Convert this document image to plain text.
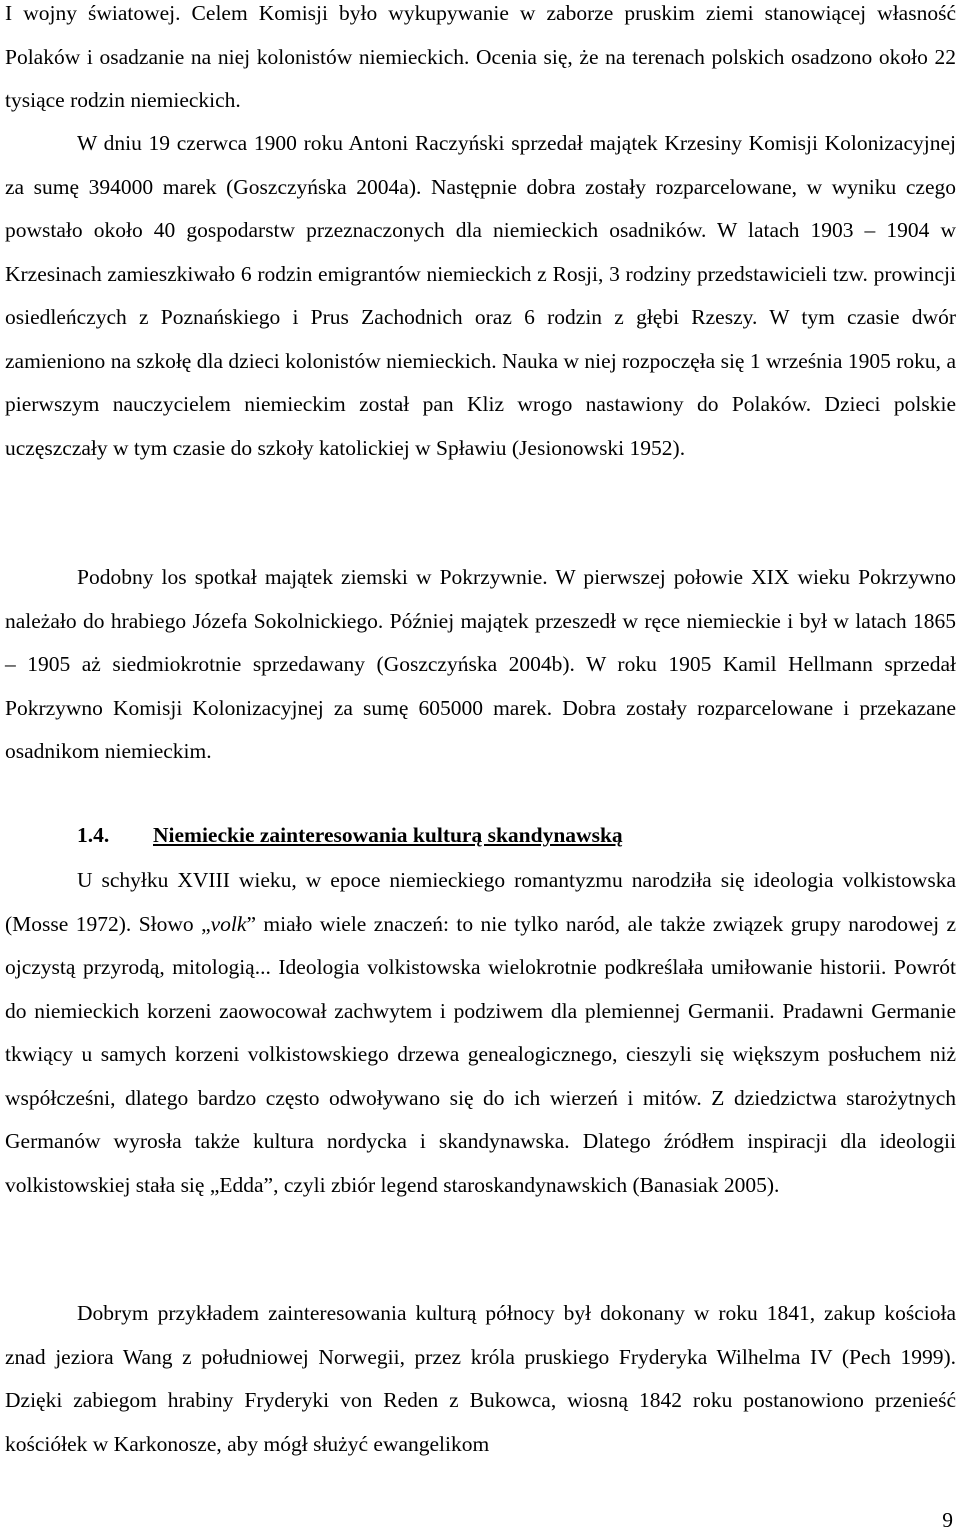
I wojny światowej. Celem Komisji było wykupywanie w zaborze pruskim ziemi stanowiącej własność Polaków i osadzanie na niej kolonistów niemieckich. Ocenia się, że na terenach polskich osadzono około 22 tysiące rodzin niemieckich.

W dniu 19 czerwca 1900 roku Antoni Raczyński sprzedał majątek Krzesiny Komisji Kolonizacyjnej za sumę 394000 marek (Goszczyńska 2004a). Następnie dobra zostały rozparcelowane, w wyniku czego powstało około 40 gospodarstw przeznaczonych dla niemieckich osadników. W latach 1903 – 1904 w Krzesinach zamieszkiwało 6 rodzin emigrantów niemieckich z Rosji, 3 rodziny przedstawicieli tzw. prowincji osiedleńczych z Poznańskiego i Prus Zachodnich oraz 6 rodzin z głębi Rzeszy. W tym czasie dwór zamieniono na szkołę dla dzieci kolonistów niemieckich. Nauka w niej rozpoczęła się 1 września 1905 roku, a pierwszym nauczycielem niemieckim został pan Kliz wrogo nastawiony do Polaków. Dzieci polskie uczęszczały w tym czasie do szkoły katolickiej w Spławiu (Jesionowski 1952).

Podobny los spotkał majątek ziemski w Pokrzywnie. W pierwszej połowie XIX wieku Pokrzywno należało do hrabiego Józefa Sokolnickiego. Później majątek przeszedł w ręce niemieckie i był w latach 1865 – 1905 aż siedmiokrotnie sprzedawany (Goszczyńska 2004b). W roku 1905 Kamil Hellmann sprzedał Pokrzywno Komisji Kolonizacyjnej za sumę 605000 marek. Dobra zostały rozparcelowane i przekazane osadnikom niemieckim.

1.4. Niemieckie zainteresowania kulturą skandynawską

U schyłku XVIII wieku, w epoce niemieckiego romantyzmu narodziła się ideologia volkistowska (Mosse 1972). Słowo „volk” miało wiele znaczeń: to nie tylko naród, ale także związek grupy narodowej z ojczystą przyrodą, mitologią... Ideologia volkistowska wielokrotnie podkreślała umiłowanie historii. Powrót do niemieckich korzeni zaowocował zachwytem i podziwem dla plemiennej Germanii. Pradawni Germanie tkwiący u samych korzeni volkistowskiego drzewa genealogicznego, cieszyli się większym posłuchem niż współcześni, dlatego bardzo często odwoływano się do ich wierzeń i mitów. Z dziedzictwa starożytnych Germanów wyrosła także kultura nordycka i skandynawska. Dlatego źródłem inspiracji dla ideologii volkistowskiej stała się „Edda”, czyli zbiór legend staroskandynawskich (Banasiak 2005).

Dobrym przykładem zainteresowania kulturą północy był dokonany w roku 1841, zakup kościoła znad jeziora Wang z południowej Norwegii, przez króla pruskiego Fryderyka Wilhelma IV (Pech 1999). Dzięki zabiegom hrabiny Fryderyki von Reden z Bukowca, wiosną 1842 roku postanowiono przenieść kościółek w Karkonosze, aby mógł służyć ewangelikom

9
